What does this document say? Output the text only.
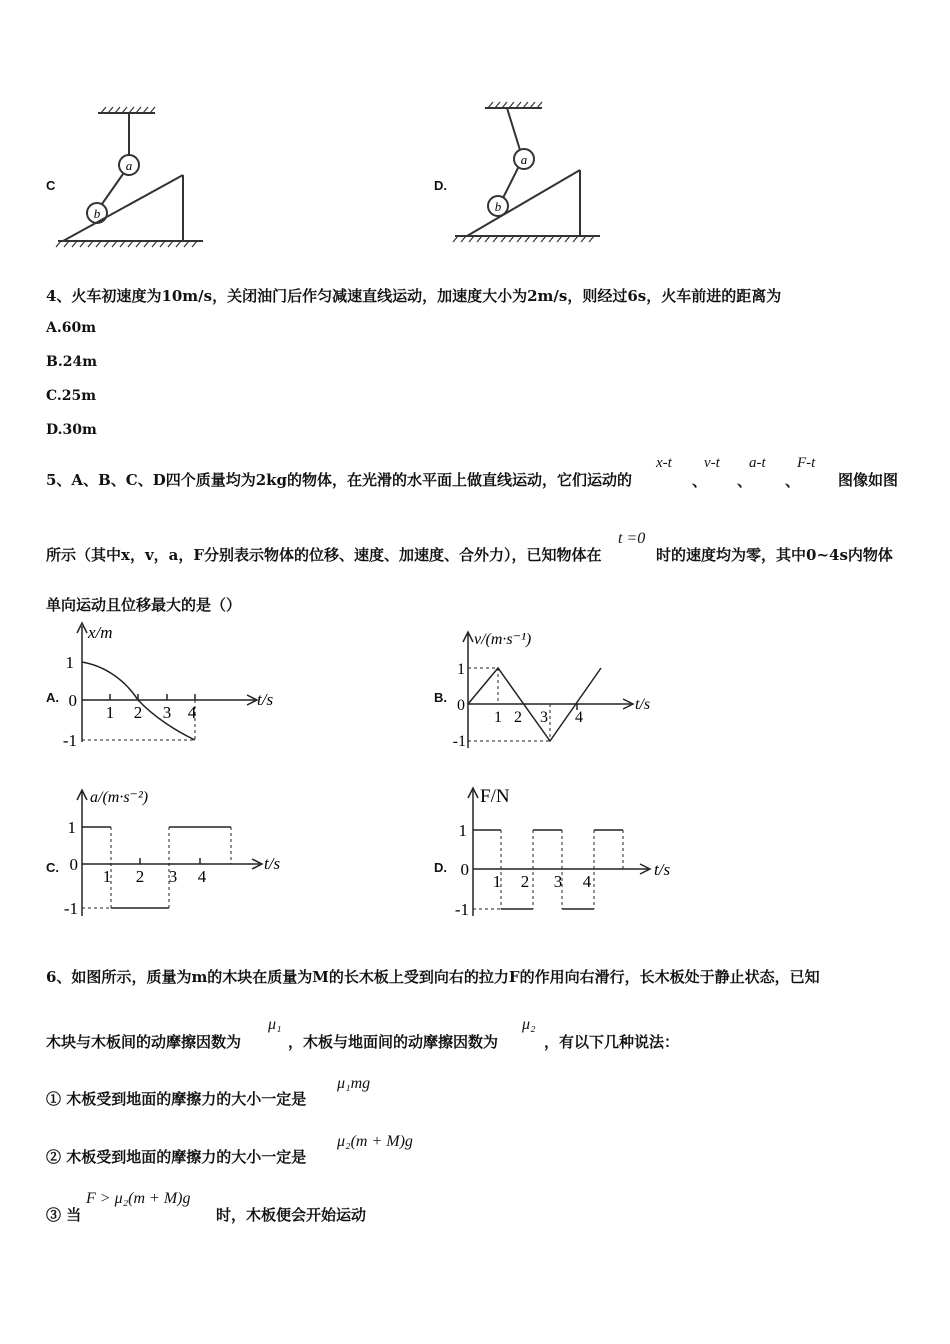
C
a
b
D.
a
b
4、火车初速度为10m/s，关闭油门后作匀减速直线运动，加速度大小为2m/s，则经过6s，火车前进的距离为
A.60m
B.24m
C.25m
D.30m
5、A、B、C、D四个质量均为2kg的物体，在光滑的水平面上做直线运动，它们运动的
x-t
、
v-t
、
a-t
、
F-t
图像如图
所示（其中x，v，a，F分别表示物体的位移、速度、加速度、合外力），已知物体在
t =0
时的速度均为零，其中0~4s内物体
单向运动且位移最大的是（）
A.
x/m
t/s
1
0
-1
1 2 3 4
B.
v/(m·s⁻¹)
t/s
1
0
-1
1 2 3 4
C.
a/(m·s⁻²)
t/s
1
0
-1
1 2 3 4	D.
F/N
t/s
1
0
-1
1 2 3 4
6、如图所示，质量为m的木块在质量为M的长木板上受到向右的拉力F的作用向右滑行，长木板处于静止状态，已知
木块与木板间的动摩擦因数为
μ₁
，木板与地面间的动摩擦因数为
μ₂
，有以下几种说法：
① 木板受到地面的摩擦力的大小一定是
μ₁mg
② 木板受到地面的摩擦力的大小一定是
μ₂(m + M)g
③ 当
F > μ₂(m + M)g
时，木板便会开始运动
